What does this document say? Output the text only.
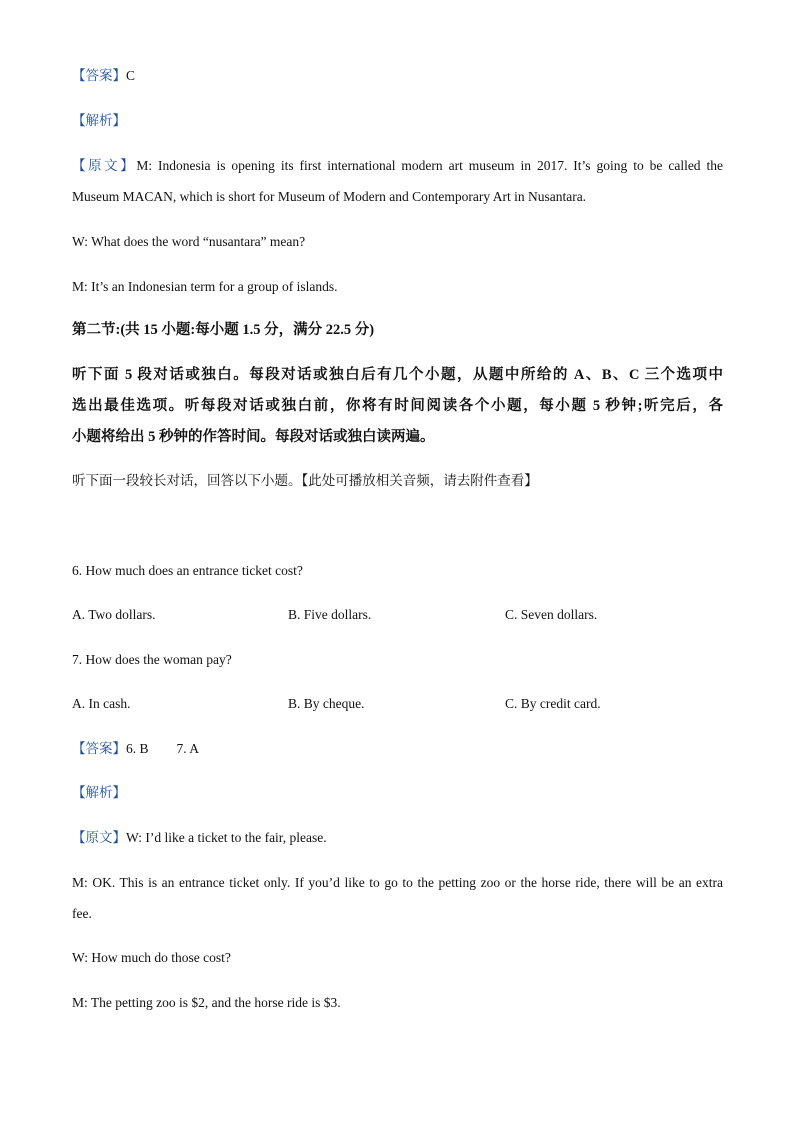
【答案】C
【解析】
【原文】M: Indonesia is opening its first international modern art museum in 2017. It’s going to be called the
Museum MACAN, which is short for Museum of Modern and Contemporary Art in Nusantara.
W: What does the word “nusantara” mean?
M: It’s an Indonesian term for a group of islands.
第二节:(共 15 小题:每小题 1.5 分，满分 22.5 分)
听下面 5 段对话或独白。每段对话或独白后有几个小题，从题中所给的 A、B、C 三个选项中
选出最佳选项。听每段对话或独白前，你将有时间阅读各个小题，每小题 5 秒钟;听完后，各
小题将给出 5 秒钟的作答时间。每段对话或独白读两遍。
听下面一段较长对话，回答以下小题。【此处可播放相关音频，请去附件查看】
6. How much does an entrance ticket cost?
A. Two dollars.	B. Five dollars.	C. Seven dollars.
7. How does the woman pay?
A. In cash.	B. By cheque.	C. By credit card.
【答案】6. B 7. A
【解析】
【原文】W: I’d like a ticket to the fair, please.
M: OK. This is an entrance ticket only. If you’d like to go to the petting zoo or the horse ride, there will be an extra
fee.
W: How much do those cost?
M: The petting zoo is $2, and the horse ride is $3.
